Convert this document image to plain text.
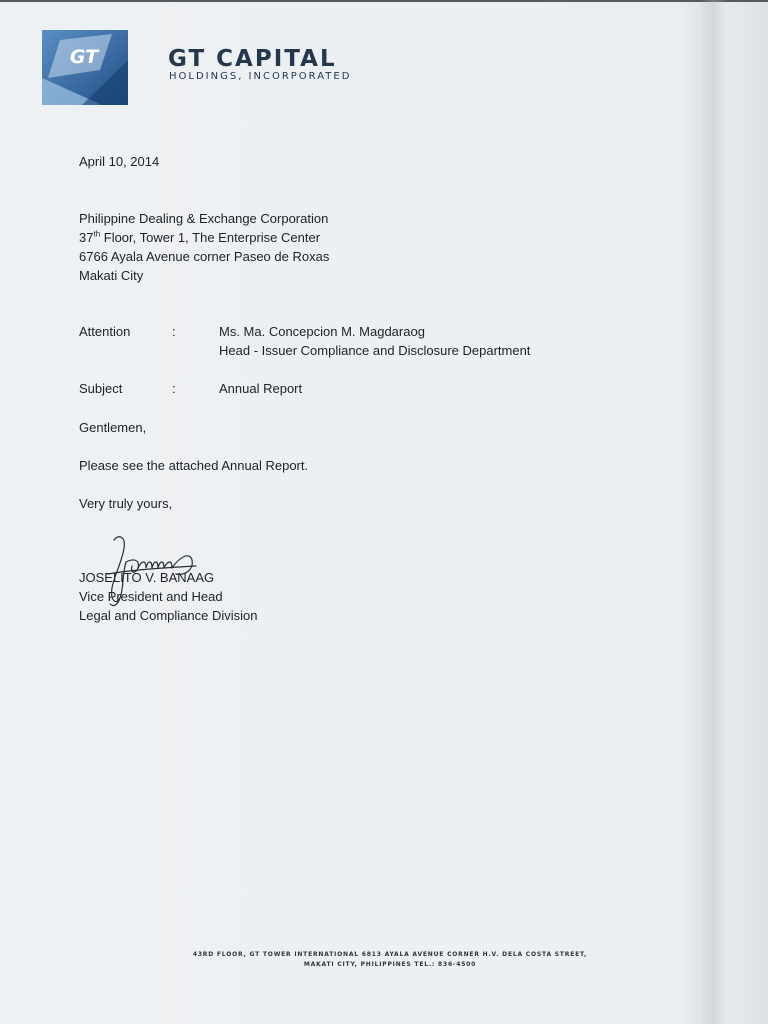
GT	GT CAPITAL
HOLDINGS, INCORPORATED
April 10, 2014
Philippine Dealing & Exchange Corporation
37th Floor, Tower 1, The Enterprise Center
6766 Ayala Avenue corner Paseo de Roxas
Makati City
Attention	:	Ms. Ma. Concepcion M. Magdaraog
Head - Issuer Compliance and Disclosure Department
Subject	:	Annual Report
Gentlemen,
Please see the attached Annual Report.
Very truly yours,
JOSELITO V. BANAAG
Vice President and Head
Legal and Compliance Division
43RD FLOOR, GT TOWER INTERNATIONAL 6813 AYALA AVENUE CORNER H.V. DELA COSTA STREET,
MAKATI CITY, PHILIPPINES TEL.: 836-4500
